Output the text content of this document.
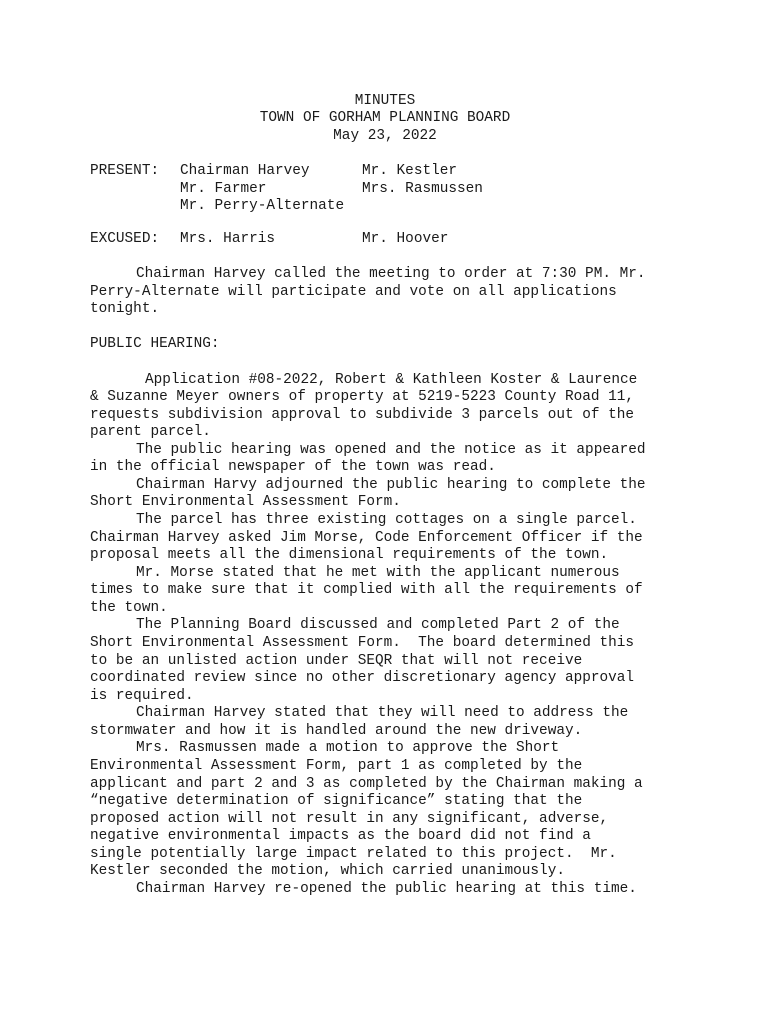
MINUTES
TOWN OF GORHAM PLANNING BOARD
May 23, 2022
PRESENT: Chairman Harvey	Mr. Kestler
Mr. Farmer	Mrs. Rasmussen
Mr. Perry-Alternate
EXCUSED: Mrs. Harris	Mr. Hoover
Chairman Harvey called the meeting to order at 7:30 PM. Mr.
Perry-Alternate will participate and vote on all applications
tonight.
PUBLIC HEARING:
Application #08-2022, Robert & Kathleen Koster & Laurence
& Suzanne Meyer owners of property at 5219-5223 County Road 11,
requests subdivision approval to subdivide 3 parcels out of the
parent parcel.
The public hearing was opened and the notice as it appeared
in the official newspaper of the town was read.
Chairman Harvy adjourned the public hearing to complete the
Short Environmental Assessment Form.
The parcel has three existing cottages on a single parcel.
Chairman Harvey asked Jim Morse, Code Enforcement Officer if the
proposal meets all the dimensional requirements of the town.
Mr. Morse stated that he met with the applicant numerous
times to make sure that it complied with all the requirements of
the town.
The Planning Board discussed and completed Part 2 of the
Short Environmental Assessment Form.  The board determined this
to be an unlisted action under SEQR that will not receive
coordinated review since no other discretionary agency approval
is required.
Chairman Harvey stated that they will need to address the
stormwater and how it is handled around the new driveway.
Mrs. Rasmussen made a motion to approve the Short
Environmental Assessment Form, part 1 as completed by the
applicant and part 2 and 3 as completed by the Chairman making a
“negative determination of significance” stating that the
proposed action will not result in any significant, adverse,
negative environmental impacts as the board did not find a
single potentially large impact related to this project.  Mr.
Kestler seconded the motion, which carried unanimously.
Chairman Harvey re-opened the public hearing at this time.
